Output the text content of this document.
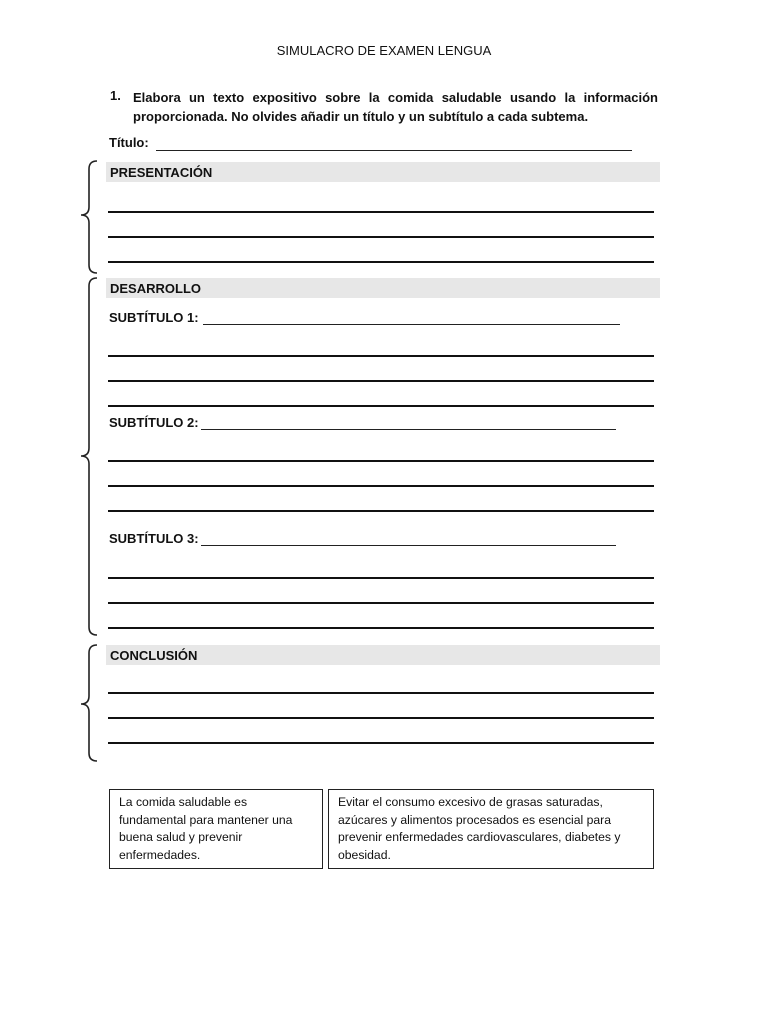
SIMULACRO DE EXAMEN LENGUA
1. Elabora un texto expositivo sobre la comida saludable usando la información proporcionada. No olvides añadir un título y un subtítulo a cada subtema.
Título:
PRESENTACIÓN
DESARROLLO
SUBTÍTULO 1:
SUBTÍTULO 2:
SUBTÍTULO 3:
CONCLUSIÓN
La comida saludable es fundamental para mantener una buena salud y prevenir enfermedades.
Evitar el consumo excesivo de grasas saturadas, azúcares y alimentos procesados es esencial para prevenir enfermedades cardiovasculares, diabetes y obesidad.
